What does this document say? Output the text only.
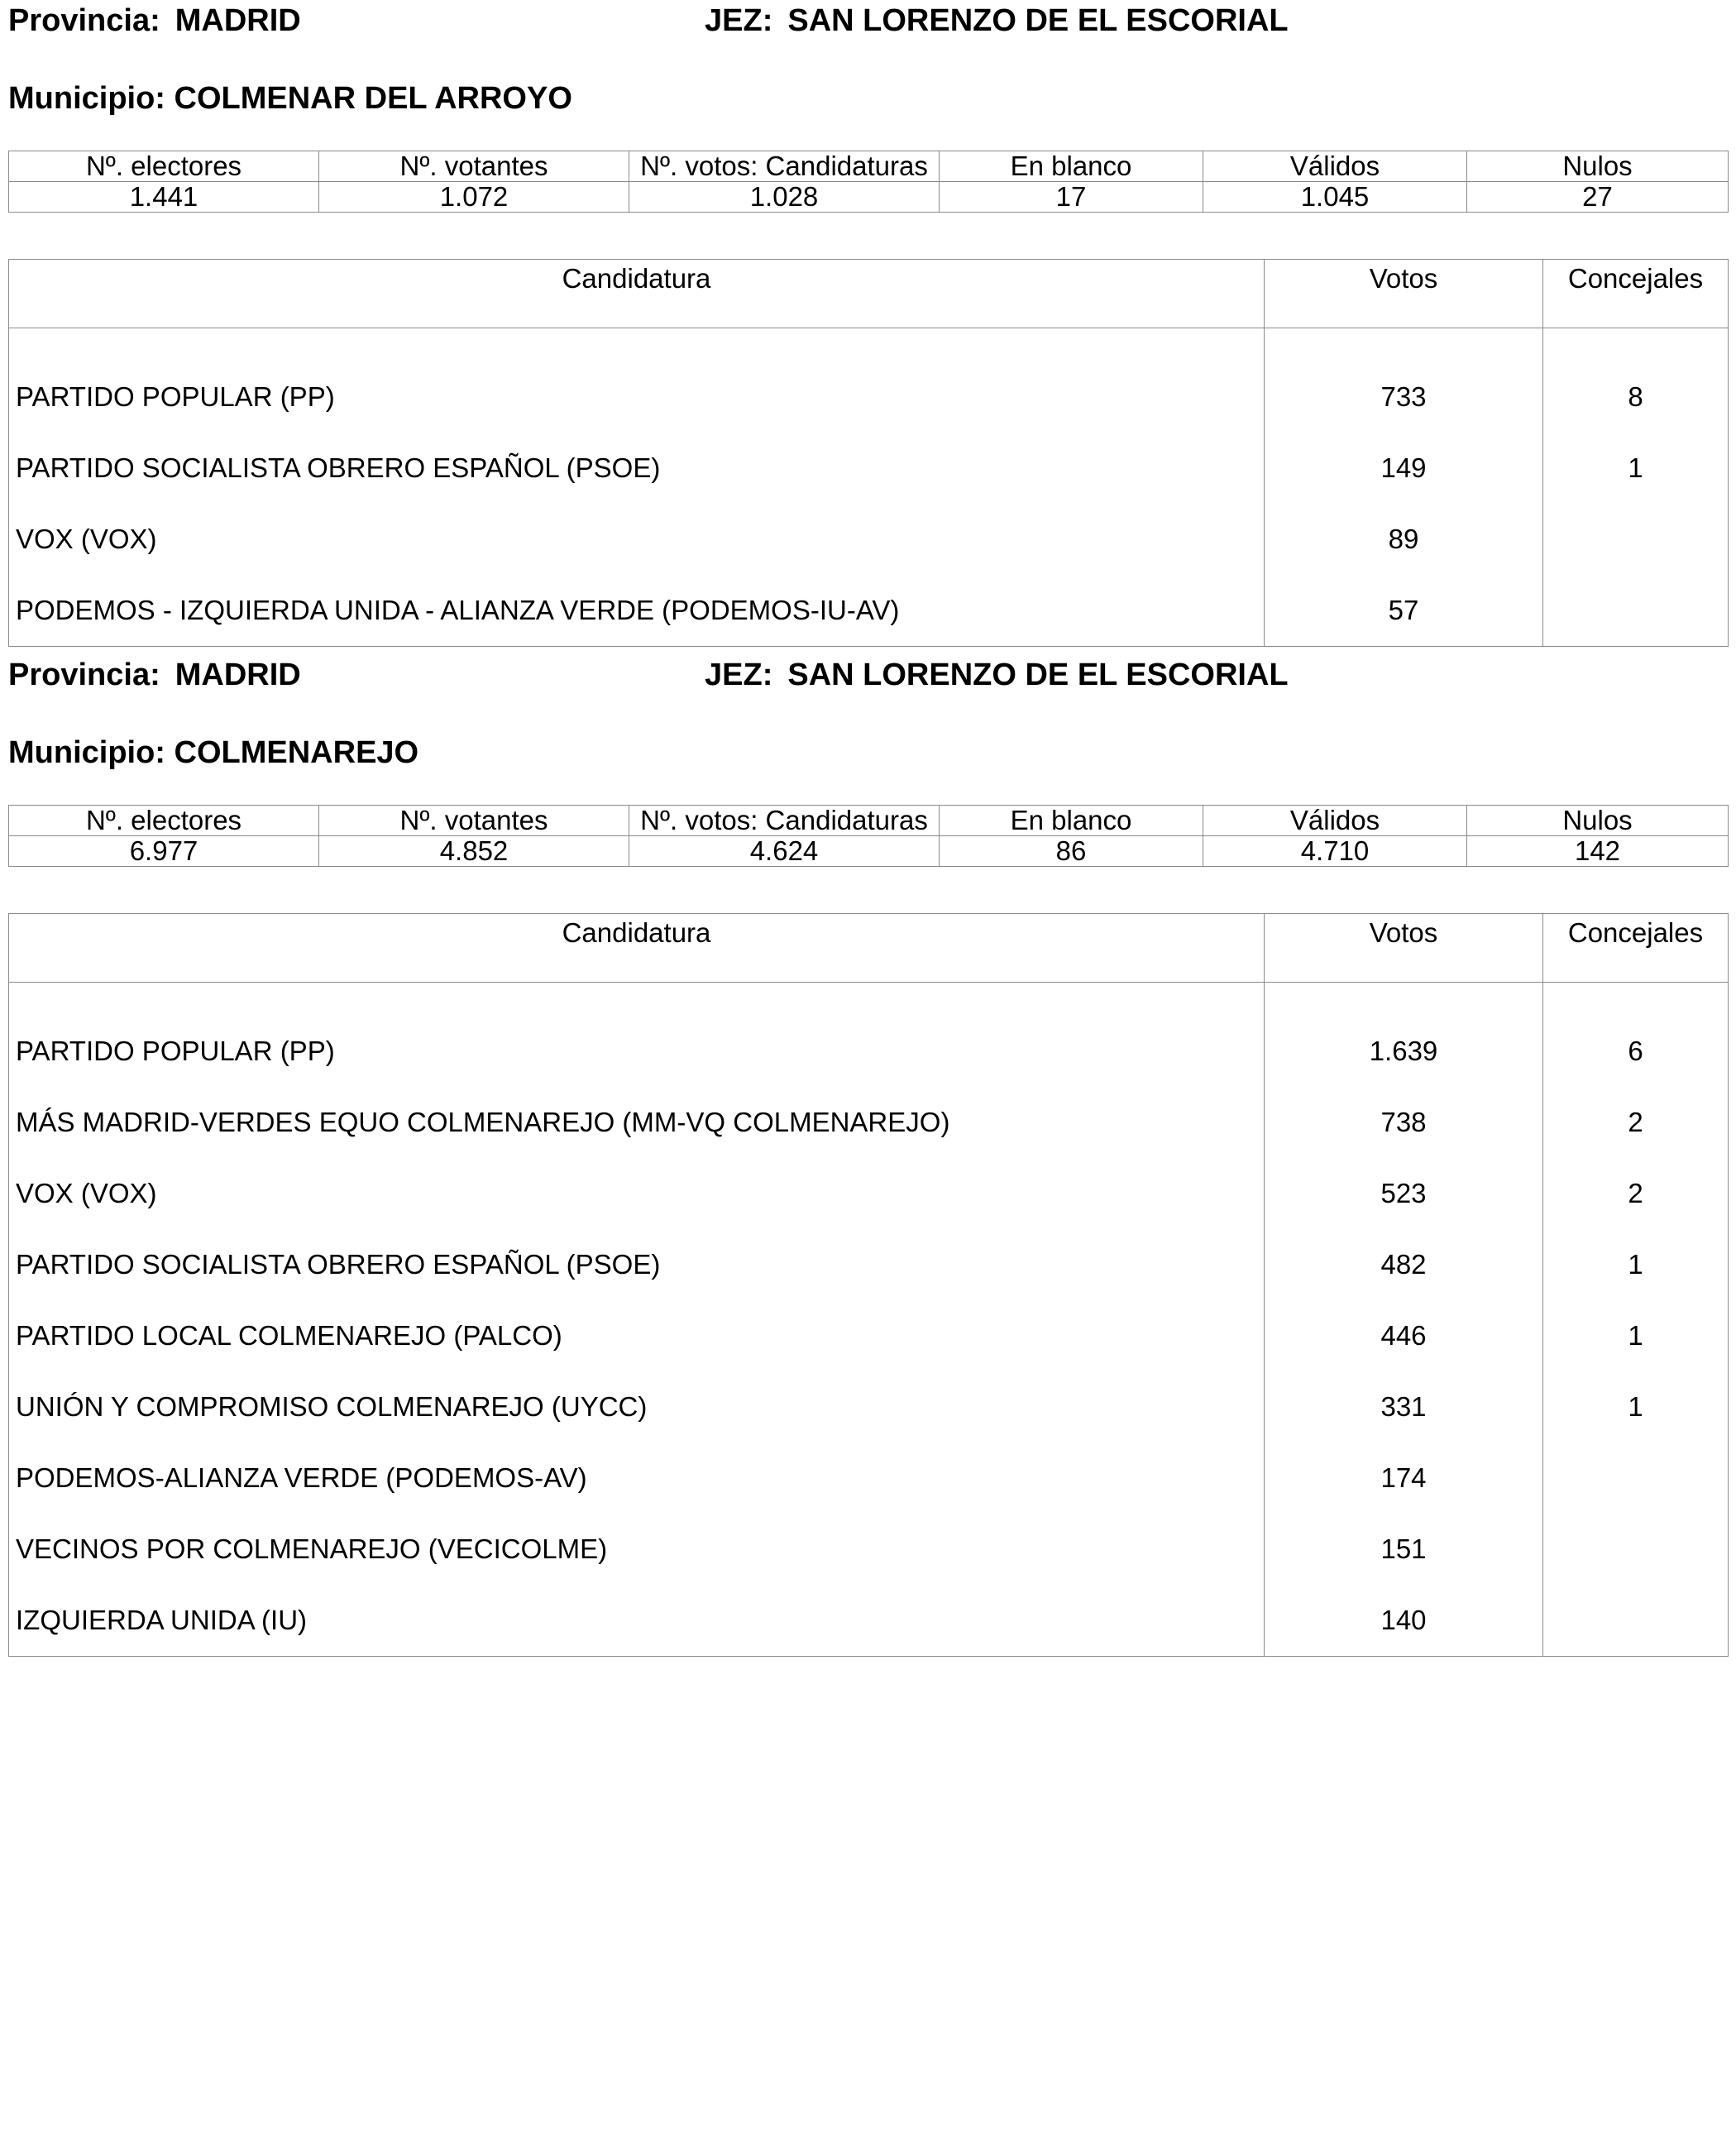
Provincia: MADRID	JEZ: SAN LORENZO DE EL ESCORIAL
Municipio: COLMENAR DEL ARROYO
Nº. electores	Nº. votantes	Nº. votos: Candidaturas	En blanco	Válidos	Nulos
1.441	1.072	1.028	17	1.045	27
Candidatura	Votos	Concejales
PARTIDO POPULAR (PP)	733	8
PARTIDO SOCIALISTA OBRERO ESPAÑOL (PSOE)	149	1
VOX (VOX)	89	
PODEMOS - IZQUIERDA UNIDA - ALIANZA VERDE (PODEMOS-IU-AV)	57	
Provincia: MADRID	JEZ: SAN LORENZO DE EL ESCORIAL
Municipio: COLMENAREJO
Nº. electores	Nº. votantes	Nº. votos: Candidaturas	En blanco	Válidos	Nulos
6.977	4.852	4.624	86	4.710	142
Candidatura	Votos	Concejales
PARTIDO POPULAR (PP)	1.639	6
MÁS MADRID-VERDES EQUO COLMENAREJO (MM-VQ COLMENAREJO)	738	2
VOX (VOX)	523	2
PARTIDO SOCIALISTA OBRERO ESPAÑOL (PSOE)	482	1
PARTIDO LOCAL COLMENAREJO (PALCO)	446	1
UNIÓN Y COMPROMISO COLMENAREJO (UYCC)	331	1
PODEMOS-ALIANZA VERDE (PODEMOS-AV)	174	
VECINOS POR COLMENAREJO (VECICOLME)	151	
IZQUIERDA UNIDA (IU)	140	
